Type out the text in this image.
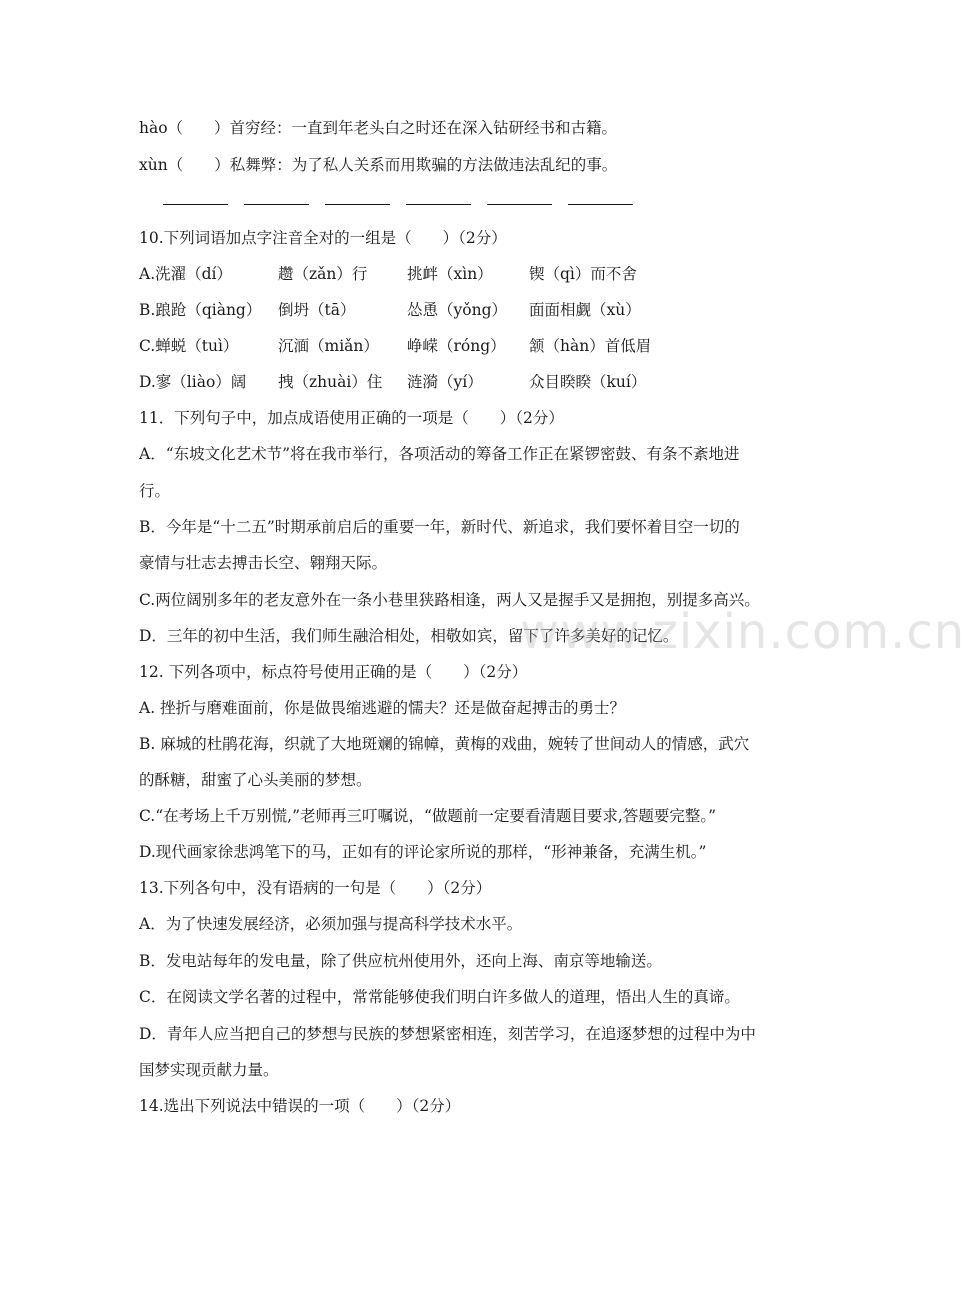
hào（　　）首穷经：一直到年老头白之时还在深入钻研经书和古籍。
xùn（　　）私舞弊：为了私人关系而用欺骗的方法做违法乱纪的事。
10.下列词语加点字注音全对的一组是（　　）（2分）
A.洗濯（dí）	趱（zǎn）行	挑衅（xìn） 锲（qì）而不舍
B.踉跄（qiàng） 倒坍（tā）	怂恿（yǒng） 面面相觑（xù）
C.蝉蜕（tuì）	沉湎（miǎn） 峥嵘（róng） 颔（hàn）首低眉
D.寥（liào）阔 拽（zhuài）住 涟漪（yí）	众目睽睽（kuí）
11．下列句子中，加点成语使用正确的一项是（　　）（2分）
A．“东坡文化艺术节”将在我市举行，各项活动的筹备工作正在紧锣密鼓、有条不紊地进
行。
B．今年是“十二五”时期承前启后的重要一年，新时代、新追求，我们要怀着目空一切的
豪情与壮志去搏击长空、翱翔天际。
C.两位阔别多年的老友意外在一条小巷里狭路相逢，两人又是握手又是拥抱，别提多高兴。
D．三年的初中生活，我们师生融洽相处，相敬如宾，留下了许多美好的记忆。
12. 下列各项中，标点符号使用正确的是（　　）（2分）
A. 挫折与磨难面前，你是做畏缩逃避的懦夫？还是做奋起搏击的勇士？
B. 麻城的杜鹃花海，织就了大地斑斓的锦幛，黄梅的戏曲，婉转了世间动人的情感，武穴
的酥糖，甜蜜了心头美丽的梦想。
C.“在考场上千万别慌,”老师再三叮嘱说，“做题前一定要看清题目要求,答题要完整。”
D.现代画家徐悲鸿笔下的马，正如有的评论家所说的那样，“形神兼备，充满生机。”
13.下列各句中，没有语病的一句是（　　）（2分）
A．为了快速发展经济，必须加强与提高科学技术水平。
B．发电站每年的发电量，除了供应杭州使用外，还向上海、南京等地输送。
C．在阅读文学名著的过程中，常常能够使我们明白许多做人的道理，悟出人生的真谛。
D．青年人应当把自己的梦想与民族的梦想紧密相连，刻苦学习，在追逐梦想的过程中为中
国梦实现贡献力量。
14.选出下列说法中错误的一项（　　）（2分）
www.zixin.com.cn
